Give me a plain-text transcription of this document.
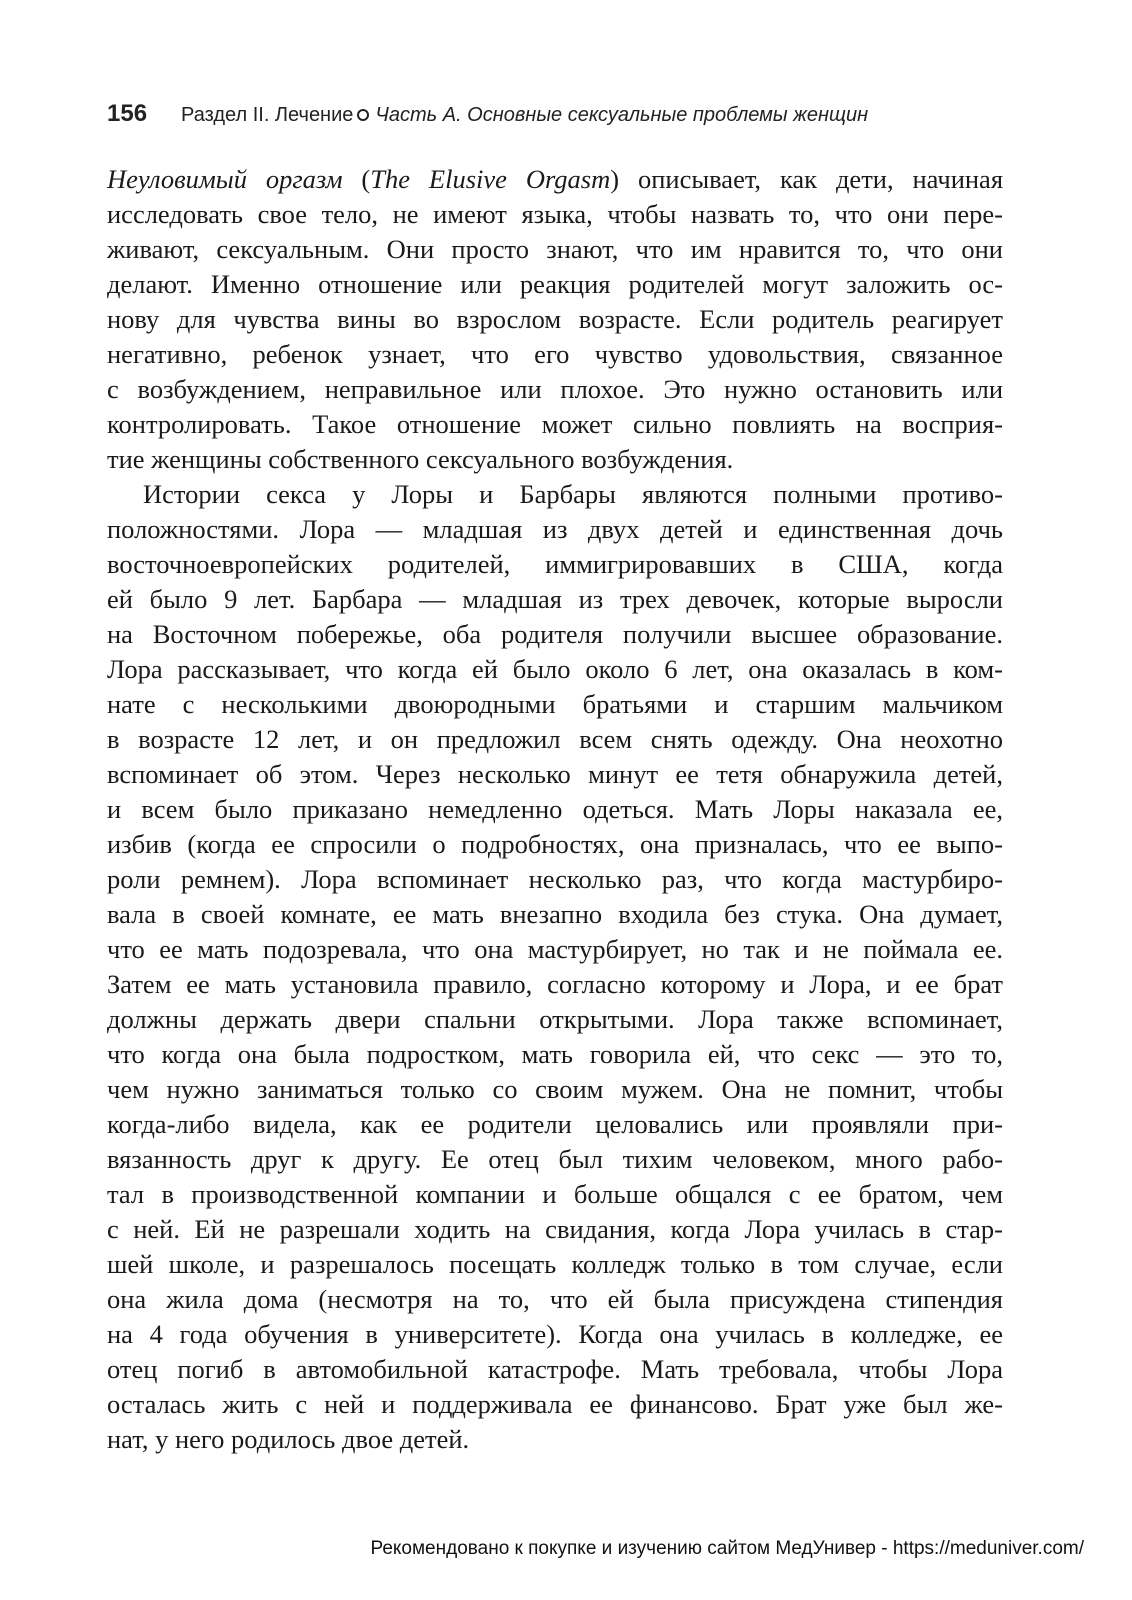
156 Раздел II. Лечение Часть А. Основные сексуальные проблемы женщин
Неуловимый оргазм (The Elusive Orgasm) описывает, как дети, начиная
исследовать свое тело, не имеют языка, чтобы назвать то, что они пере-
живают, сексуальным. Они просто знают, что им нравится то, что они
делают. Именно отношение или реакция родителей могут заложить ос-
нову для чувства вины во взрослом возрасте. Если родитель реагирует
негативно, ребенок узнает, что его чувство удовольствия, связанное
с возбуждением, неправильное или плохое. Это нужно остановить или
контролировать. Такое отношение может сильно повлиять на восприя-
тие женщины собственного сексуального возбуждения.
Истории секса у Лоры и Барбары являются полными противо-
положностями. Лора — младшая из двух детей и единственная дочь
восточноевропейских родителей, иммигрировавших в США, когда
ей было 9 лет. Барбара — младшая из трех девочек, которые выросли
на Восточном побережье, оба родителя получили высшее образование.
Лора рассказывает, что когда ей было около 6 лет, она оказалась в ком-
нате с несколькими двоюродными братьями и старшим мальчиком
в возрасте 12 лет, и он предложил всем снять одежду. Она неохотно
вспоминает об этом. Через несколько минут ее тетя обнаружила детей,
и всем было приказано немедленно одеться. Мать Лоры наказала ее,
избив (когда ее спросили о подробностях, она призналась, что ее выпо-
роли ремнем). Лора вспоминает несколько раз, что когда мастурбиро-
вала в своей комнате, ее мать внезапно входила без стука. Она думает,
что ее мать подозревала, что она мастурбирует, но так и не поймала ее.
Затем ее мать установила правило, согласно которому и Лора, и ее брат
должны держать двери спальни открытыми. Лора также вспоминает,
что когда она была подростком, мать говорила ей, что секс — это то,
чем нужно заниматься только со своим мужем. Она не помнит, чтобы
когда-либо видела, как ее родители целовались или проявляли при-
вязанность друг к другу. Ее отец был тихим человеком, много рабо-
тал в производственной компании и больше общался с ее братом, чем
с ней. Ей не разрешали ходить на свидания, когда Лора училась в стар-
шей школе, и разрешалось посещать колледж только в том случае, если
она жила дома (несмотря на то, что ей была присуждена стипендия
на 4 года обучения в университете). Когда она училась в колледже, ее
отец погиб в автомобильной катастрофе. Мать требовала, чтобы Лора
осталась жить с ней и поддерживала ее финансово. Брат уже был же-
нат, у него родилось двое детей.
Рекомендовано к покупке и изучению сайтом МедУнивер - https://meduniver.com/
